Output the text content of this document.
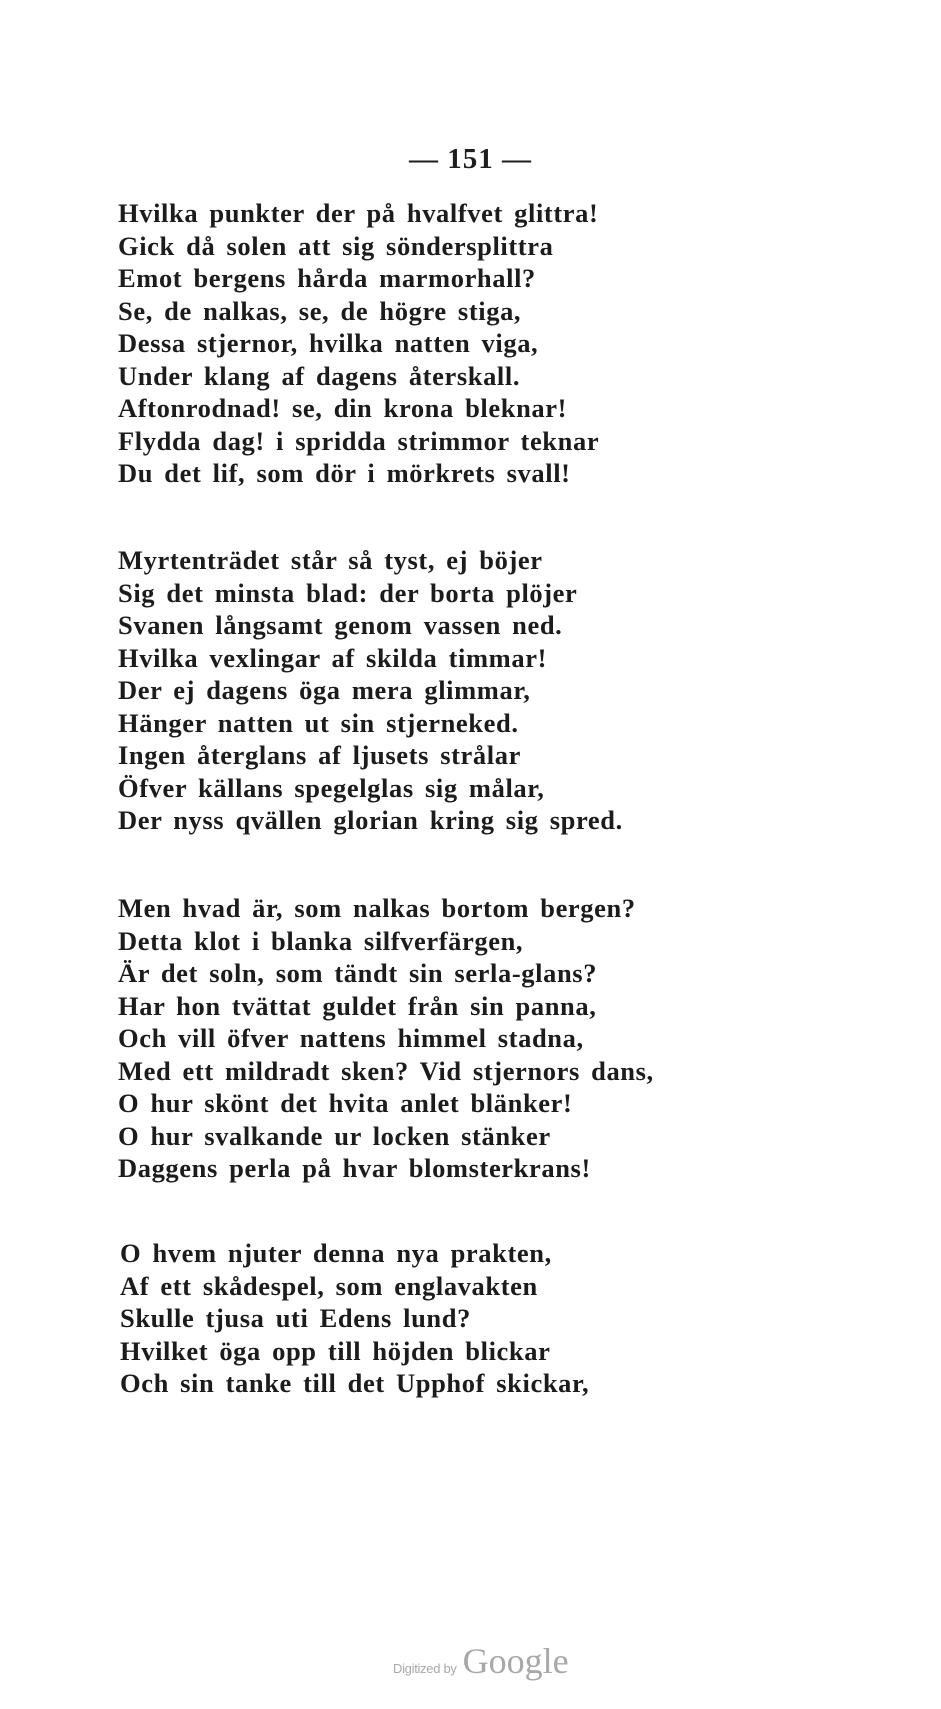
— 151 —
Hvilka punkter der på hvalfvet glittra!
Gick då solen att sig söndersplittra
Emot bergens hårda marmorhall?
Se, de nalkas, se, de högre stiga,
Dessa stjernor, hvilka natten viga,
Under klang af dagens återskall.
Aftonrodnad! se, din krona bleknar!
Flydda dag! i spridda strimmor teknar
Du det lif, som dör i mörkrets svall!
Myrtenträdet står så tyst, ej böjer
Sig det minsta blad: der borta plöjer
Svanen långsamt genom vassen ned.
Hvilka vexlingar af skilda timmar!
Der ej dagens öga mera glimmar,
Hänger natten ut sin stjerneked.
Ingen återglans af ljusets strålar
Öfver källans spegelglas sig målar,
Der nyss qvällen glorian kring sig spred.
Men hvad är, som nalkas bortom bergen?
Detta klot i blanka silfverfärgen,
Är det soln, som tändt sin serla-glans?
Har hon tvättat guldet från sin panna,
Och vill öfver nattens himmel stadna,
Med ett mildradt sken? Vid stjernors dans,
O hur skönt det hvita anlet blänker!
O hur svalkande ur locken stänker
Daggens perla på hvar blomsterkrans!
O hvem njuter denna nya prakten,
Af ett skådespel, som englavakten
Skulle tjusa uti Edens lund?
Hvilket öga opp till höjden blickar
Och sin tanke till det Upphof skickar,
Digitized by Google
